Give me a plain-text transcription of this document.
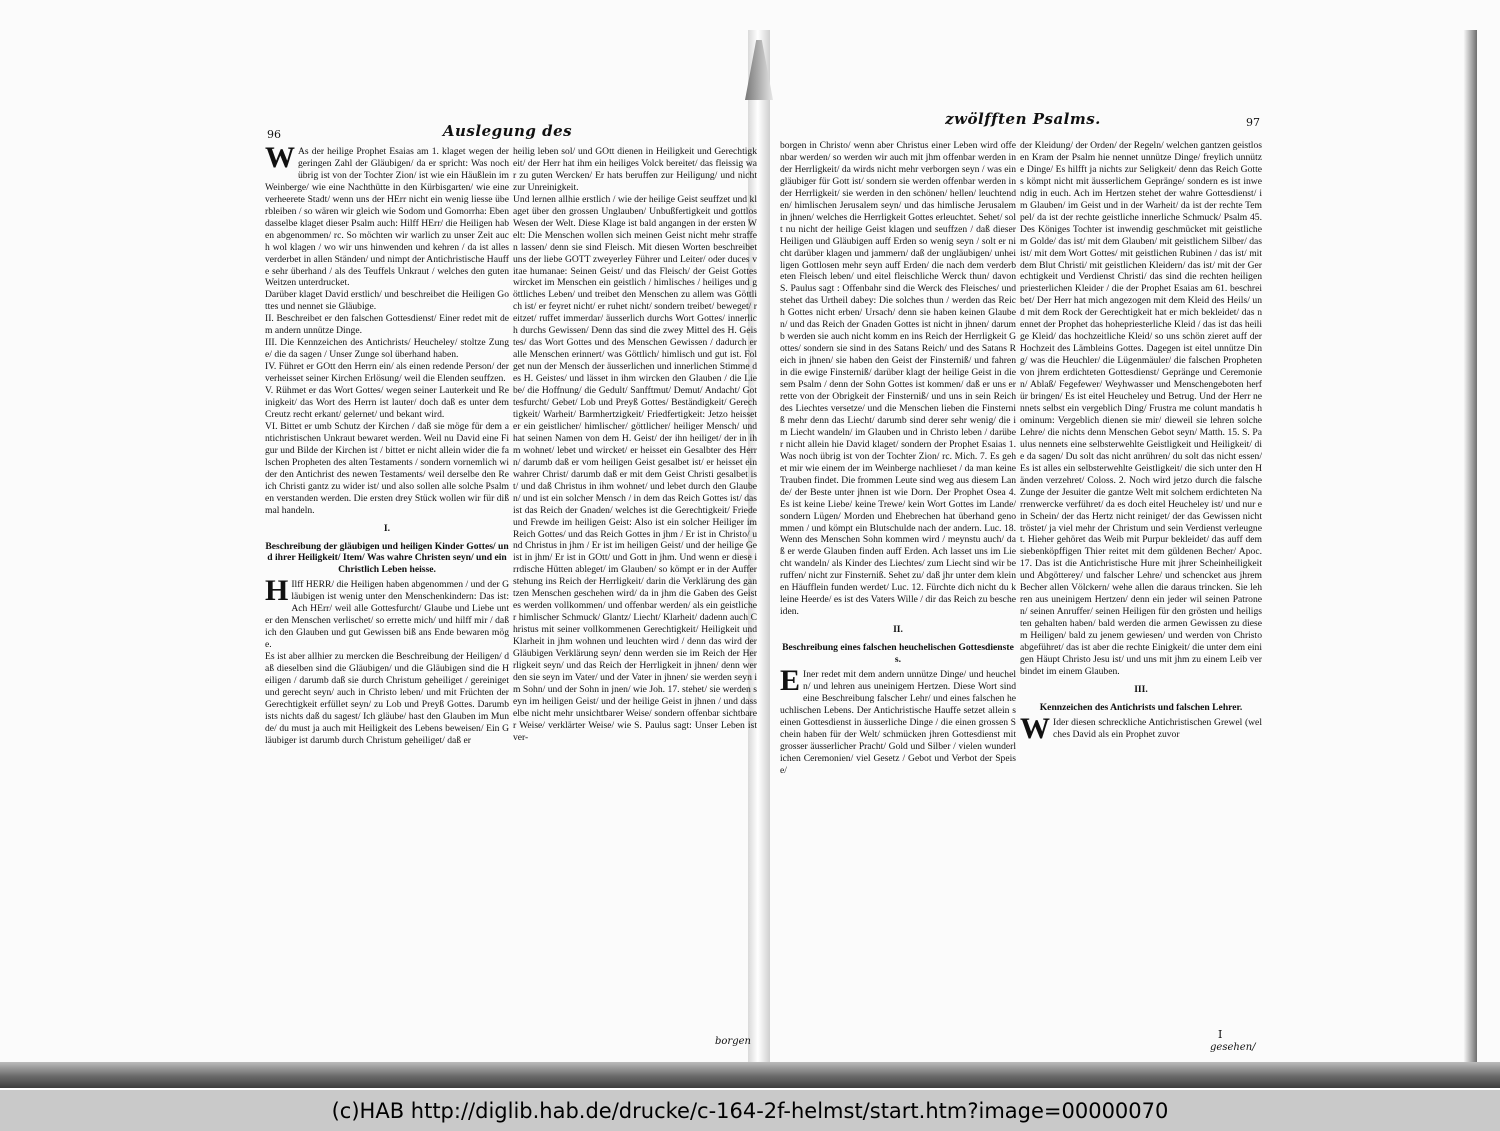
96	Auslegung des

W As der heilige Prophet Esaias am 1. klaget wegen der geringen Zahl der Gläubigen/ da er spricht: Was noch übrig ist von der Tochter Zion/ ist wie ein Häußlein im Weinberge/ wie eine Nachthütte in den Kürbisgarten/ wie eine verheerete Stadt/ wenn uns der HErr nicht ein wenig liesse überbleiben / so wären wir gleich wie Sodom und Gomorrha: Eben dasselbe klaget dieser Psalm auch: Hilff HErr/ die Heiligen haben abgenommen/ rc. So möchten wir warlich zu unser Zeit auch wol klagen / wo wir uns hinwenden und kehren / da ist alles verderbet in allen Ständen/ und nimpt der Antichristische Hauffe sehr überhand / als des Teuffels Unkraut / welches den guten Weitzen unterdrucket.

Darüber klaget David erstlich/ und beschreibet die Heiligen Gottes und nennet sie Gläubige.

II. Beschreibet er den falschen Gottesdienst/ Einer redet mit dem andern unnütze Dinge.

III. Die Kennzeichen des Antichrists/ Heucheley/ stoltze Zunge/ die da sagen / Unser Zunge sol überhand haben.

IV. Führet er GOtt den Herrn ein/ als einen redende Person/ der verheisset seiner Kirchen Erlösung/ weil die Elenden seuffzen.

V. Rühmet er das Wort Gottes/ wegen seiner Lauterkeit und Reinigkeit/ das Wort des Herrn ist lauter/ doch daß es unter dem Creutz recht erkant/ gelernet/ und bekant wird.

VI. Bittet er umb Schutz der Kirchen / daß sie möge für dem antichristischen Unkraut bewaret werden. Weil nu David eine Figur und Bilde der Kirchen ist / bittet er nicht allein wider die falschen Propheten des alten Testaments / sondern vornemlich wider den Antichrist des newen Testaments/ weil derselbe den Reich Christi gantz zu wider ist/ und also sollen alle solche Psalmen verstanden werden. Die ersten drey Stück wollen wir für diß mal handeln.

I.

Beschreibung der gläubigen und heiligen Kinder Gottes/ und ihrer Heiligkeit/ Item/ Was wahre Christen seyn/ und ein Christlich Leben heisse.

H Ilff HERR/ die Heiligen haben abgenommen / und der Gläubigen ist wenig unter den Menschenkindern: Das ist: Ach HErr/ weil alle Gottesfurcht/ Glaube und Liebe unter den Menschen verlischet/ so errette mich/ und hilff mir / daß ich den Glauben und gut Gewissen biß ans Ende bewaren möge.

Es ist aber allhier zu mercken die Beschreibung der Heiligen/ daß dieselben sind die Gläubigen/ und die Gläubigen sind die Heiligen / darumb daß sie durch Christum geheiliget / gereiniget und gerecht seyn/ auch in Christo leben/ und mit Früchten der Gerechtigkeit erfüllet seyn/ zu Lob und Preyß Gottes. Darumb ists nichts daß du sagest/ Ich gläube/ hast den Glauben im Munde/ du must ja auch mit Heiligkeit des Lebens beweisen/ Ein Gläubiger ist darumb durch Christum geheiliget/ daß er

heilig leben sol/ und GOtt dienen in Heiligkeit und Gerechtigkeit/ der Herr hat ihm ein heiliges Volck bereitet/ das fleissig war zu guten Wercken/ Er hats beruffen zur Heiligung/ und nicht zur Unreinigkeit.

Und lernen allhie erstlich / wie der heilige Geist seuffzet und klaget über den grossen Unglauben/ Unbußfertigkeit und gottlos Wesen der Welt. Diese Klage ist bald angangen in der ersten Welt: Die Menschen wollen sich meinen Geist nicht mehr straffen lassen/ denn sie sind Fleisch. Mit diesen Worten beschreibet uns der liebe GOTT zweyerley Führer und Leiter/ oder duces vitae humanae: Seinen Geist/ und das Fleisch/ der Geist Gottes wircket im Menschen ein geistlich / himlisches / heiliges und göttliches Leben/ und treibet den Menschen zu allem was Göttlich ist/ er feyret nicht/ er ruhet nicht/ sondern treibet/ beweget/ reitzet/ ruffet immerdar/ äusserlich durchs Wort Gottes/ innerlich durchs Gewissen/ Denn das sind die zwey Mittel des H. Geistes/ das Wort Gottes und des Menschen Gewissen / dadurch er alle Menschen erinnert/ was Göttlich/ himlisch und gut ist. Folget nun der Mensch der äusserlichen und innerlichen Stimme des H. Geistes/ und lässet in ihm wircken den Glauben / die Liebe/ die Hoffnung/ die Gedult/ Sanfftmut/ Demut/ Andacht/ Gottesfurcht/ Gebet/ Lob und Preyß Gottes/ Beständigkeit/ Gerechtigkeit/ Warheit/ Barmhertzigkeit/ Friedfertigkeit: Jetzo heisset er ein geistlicher/ himlischer/ göttlicher/ heiliger Mensch/ und hat seinen Namen von dem H. Geist/ der ihn heiliget/ der in ihm wohnet/ lebet und wircket/ er heisset ein Gesalbter des Herrn/ darumb daß er vom heiligen Geist gesalbet ist/ er heisset ein wahrer Christ/ darumb daß er mit dem Geist Christi gesalbet ist/ und daß Christus in ihm wohnet/ und lebet durch den Glauben/ und ist ein solcher Mensch / in dem das Reich Gottes ist/ das ist das Reich der Gnaden/ welches ist die Gerechtigkeit/ Friede und Frewde im heiligen Geist: Also ist ein solcher Heiliger im Reich Gottes/ und das Reich Gottes in jhm / Er ist in Christo/ und Christus in jhm / Er ist im heiligen Geist/ und der heilige Geist in jhm/ Er ist in GOtt/ und Gott in jhm. Und wenn er diese irrdische Hütten ableget/ im Glauben/ so kömpt er in der Aufferstehung ins Reich der Herrligkeit/ darin die Verklärung des gantzen Menschen geschehen wird/ da in jhm die Gaben des Geistes werden vollkommen/ und offenbar werden/ als ein geistlicher himlischer Schmuck/ Glantz/ Liecht/ Klarheit/ dadenn auch Christus mit seiner vollkommenen Gerechtigkeit/ Heiligkeit und Klarheit in jhm wohnen und leuchten wird / denn das wird der Gläubigen Verklärung seyn/ denn werden sie im Reich der Herrligkeit seyn/ und das Reich der Herrligkeit in jhnen/ denn werden sie seyn im Vater/ und der Vater in jhnen/ sie werden seyn im Sohn/ und der Sohn in jnen/ wie Joh. 17. stehet/ sie werden seyn im heiligen Geist/ und der heilige Geist in jhnen / und dasselbe nicht mehr unsichtbarer Weise/ sondern offenbar sichtbarer Weise/ verklärter Weise/ wie S. Paulus sagt: Unser Leben ist ver-

borgen
zwölfften Psalms.	97

borgen in Christo/ wenn aber Christus einer Leben wird offenbar werden/ so werden wir auch mit jhm offenbar werden in der Herrligkeit/ da wirds nicht mehr verborgen seyn / was ein gläubiger für Gott ist/ sondern sie werden offenbar werden in der Herrligkeit/ sie werden in den schönen/ hellen/ leuchtenden/ himlischen Jerusalem seyn/ und das himlische Jerusalem in jhnen/ welches die Herrligkeit Gottes erleuchtet. Sehet/ solt nu nicht der heilige Geist klagen und seuffzen / daß dieser Heiligen und Gläubigen auff Erden so wenig seyn / solt er nicht darüber klagen und jammern/ daß der ungläubigen/ unheiligen Gottlosen mehr seyn auff Erden/ die nach dem verderbeten Fleisch leben/ und eitel fleischliche Werck thun/ davon S. Paulus sagt : Offenbahr sind die Werck des Fleisches/ und stehet das Urtheil dabey: Die solches thun / werden das Reich Gottes nicht erben/ Ursach/ denn sie haben keinen Glauben/ und das Reich der Gnaden Gottes ist nicht in jhnen/ darumb werden sie auch nicht komm en ins Reich der Herrligkeit Gottes/ sondern sie sind in des Satans Reich/ und des Satans Reich in jhnen/ sie haben den Geist der Finsterniß/ und fahren in die ewige Finsterniß/ darüber klagt der heilige Geist in diesem Psalm / denn der Sohn Gottes ist kommen/ daß er uns errette von der Obrigkeit der Finsterniß/ und uns in sein Reich des Liechtes versetze/ und die Menschen lieben die Finsterniß mehr denn das Liecht/ darumb sind derer sehr wenig/ die im Liecht wandeln/ im Glauben und in Christo leben / darüber nicht allein hie David klaget/ sondern der Prophet Esaias 1. Was noch übrig ist von der Tochter Zion/ rc. Mich. 7. Es gehet mir wie einem der im Weinberge nachlieset / da man keine Trauben findet. Die frommen Leute sind weg aus diesem Lande/ der Beste unter jhnen ist wie Dorn. Der Prophet Osea 4. Es ist keine Liebe/ keine Trewe/ kein Wort Gottes im Lande/ sondern Lügen/ Morden und Ehebrechen hat überhand genommen / und kömpt ein Blutschulde nach der andern. Luc. 18. Wenn des Menschen Sohn kommen wird / meynstu auch/ daß er werde Glauben finden auff Erden. Ach lasset uns im Liecht wandeln/ als Kinder des Liechtes/ zum Liecht sind wir beruffen/ nicht zur Finsterniß. Sehet zu/ daß jhr unter dem kleinen Häufflein funden werdet/ Luc. 12. Fürchte dich nicht du kleine Heerde/ es ist des Vaters Wille / dir das Reich zu bescheiden.

II.

Beschreibung eines falschen heuchelischen Gottesdienstes.

E Iner redet mit dem andern unnütze Dinge/ und heucheln/ und lehren aus uneinigem Hertzen. Diese Wort sind eine Beschreibung falscher Lehr/ und eines falschen heuchlischen Lebens. Der Antichristische Hauffe setzet allein seinen Gottesdienst in äusserliche Dinge / die einen grossen Schein haben für der Welt/ schmücken jhren Gottesdienst mit grosser äusserlicher Pracht/ Gold und Silber / vielen wunderlichen Ceremonien/ viel Gesetz / Gebot und Verbot der Speise/

der Kleidung/ der Orden/ der Regeln/ welchen gantzen geistlosen Kram der Psalm hie nennet unnütze Dinge/ freylich unnütze Dinge/ Es hilfft ja nichts zur Seligkeit/ denn das Reich Gottes kömpt nicht mit äusserlichem Gepränge/ sondern es ist inwendig in euch. Ach im Hertzen stehet der wahre Gottesdienst/ im Glauben/ im Geist und in der Warheit/ da ist der rechte Tempel/ da ist der rechte geistliche innerliche Schmuck/ Psalm 45. Des Königes Tochter ist inwendig geschmücket mit geistlichem Golde/ das ist/ mit dem Glauben/ mit geistlichem Silber/ das ist/ mit dem Wort Gottes/ mit geistlichen Rubinen / das ist/ mit dem Blut Christi/ mit geistlichen Kleidern/ das ist/ mit der Gerechtigkeit und Verdienst Christi/ das sind die rechten heiligen priesterlichen Kleider / die der Prophet Esaias am 61. beschreibet/ Der Herr hat mich angezogen mit dem Kleid des Heils/ und mit dem Rock der Gerechtigkeit hat er mich bekleidet/ das nennet der Prophet das hohepriesterliche Kleid / das ist das heilige Kleid/ das hochzeitliche Kleid/ so uns schön zieret auff der Hochzeit des Lämbleins Gottes. Dagegen ist eitel unnütze Ding/ was die Heuchler/ die Lügenmäuler/ die falschen Propheten von jhrem erdichteten Gottesdienst/ Gepränge und Ceremonien/ Ablaß/ Fegefewer/ Weyhwasser und Menschengeboten herfür bringen/ Es ist eitel Heucheley und Betrug. Und der Herr nennets selbst ein vergeblich Ding/ Frustra me colunt mandatis hominum: Vergeblich dienen sie mir/ dieweil sie lehren solche Lehre/ die nichts denn Menschen Gebot seyn/ Matth. 15. S. Paulus nennets eine selbsterwehlte Geistligkeit und Heiligkeit/ die da sagen/ Du solt das nicht anrühren/ du solt das nicht essen/ Es ist alles ein selbsterwehlte Geistligkeit/ die sich unter den Händen verzehret/ Coloss. 2. Noch wird jetzo durch die falsche Zunge der Jesuiter die gantze Welt mit solchem erdichteten Narrenwercke verführet/ da es doch eitel Heucheley ist/ und nur ein Schein/ der das Hertz nicht reiniget/ der das Gewissen nicht tröstet/ ja viel mehr der Christum und sein Verdienst verleugnet. Hieher gehöret das Weib mit Purpur bekleidet/ das auff dem siebenköpffigen Thier reitet mit dem güldenen Becher/ Apoc. 17. Das ist die Antichristische Hure mit jhrer Scheinheiligkeit und Abgötterey/ und falscher Lehre/ und schencket aus jhrem Becher allen Völckern/ wehe allen die daraus trincken. Sie lehren aus uneinigem Hertzen/ denn ein jeder wil seinen Patronen/ seinen Anruffer/ seinen Heiligen für den grösten und heiligsten gehalten haben/ bald werden die armen Gewissen zu diesem Heiligen/ bald zu jenem gewiesen/ und werden von Christo abgeführet/ das ist aber die rechte Einigkeit/ die unter dem einigen Häupt Christo Jesu ist/ und uns mit jhm zu einem Leib verbindet im einem Glauben.

III.

Kennzeichen des Antichrists und falschen Lehrer.

W Ider diesen schreckliche Antichristischen Grewel (welches David als ein Prophet zuvor

I
gesehen/
(c)HAB http://diglib.hab.de/drucke/c-164-2f-helmst/start.htm?image=00000070
